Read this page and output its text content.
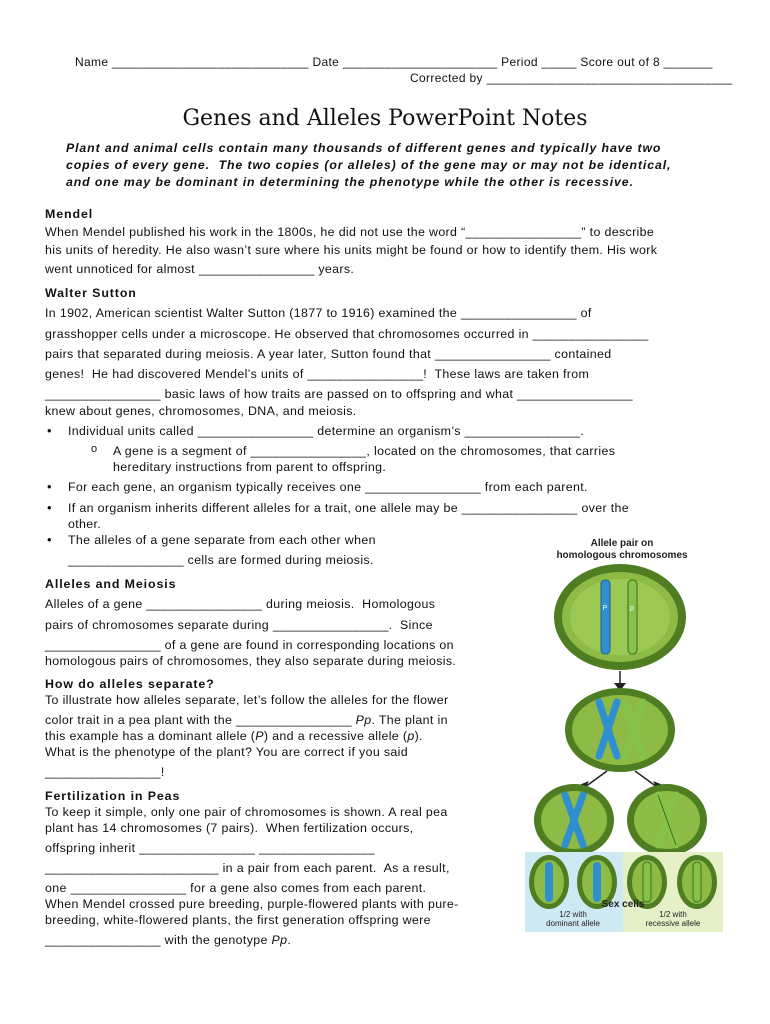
Name ____________________________ Date ______________________ Period _____ Score out of 8 _______
Corrected by ___________________________________
Genes and Alleles PowerPoint Notes
Plant and animal cells contain many thousands of different genes and typically have two
copies of every gene.  The two copies (or alleles) of the gene may or may not be identical,
and one may be dominant in determining the phenotype while the other is recessive.
Mendel
When Mendel published his work in the 1800s, he did not use the word “________________” to describe
his units of heredity. He also wasn’t sure where his units might be found or how to identify them. His work
went unnoticed for almost ________________ years.
Walter Sutton
In 1902, American scientist Walter Sutton (1877 to 1916) examined the ________________ of
grasshopper cells under a microscope. He observed that chromosomes occurred in ________________
pairs that separated during meiosis. A year later, Sutton found that ________________ contained
genes!  He had discovered Mendel’s units of ________________!  These laws are taken from
________________ basic laws of how traits are passed on to offspring and what ________________
knew about genes, chromosomes, DNA, and meiosis.
• Individual units called ________________ determine an organism’s ________________.
o A gene is a segment of ________________, located on the chromosomes, that carries
hereditary instructions from parent to offspring.
• For each gene, an organism typically receives one ________________ from each parent.
• If an organism inherits different alleles for a trait, one allele may be ________________ over the
other.
• The alleles of a gene separate from each other when
________________ cells are formed during meiosis.
Alleles and Meiosis
Alleles of a gene ________________ during meiosis.  Homologous
pairs of chromosomes separate during ________________.  Since
________________ of a gene are found in corresponding locations on
homologous pairs of chromosomes, they also separate during meiosis.
How do alleles separate?
To illustrate how alleles separate, let’s follow the alleles for the flower
color trait in a pea plant with the ________________ Pp. The plant in
this example has a dominant allele (P) and a recessive allele (p).
What is the phenotype of the plant? You are correct if you said
________________!
Fertilization in Peas
To keep it simple, only one pair of chromosomes is shown. A real pea
plant has 14 chromosomes (7 pairs).  When fertilization occurs,
offspring inherit ________________ ________________
________________________ in a pair from each parent.  As a result,
one ________________ for a gene also comes from each parent.
When Mendel crossed pure breeding, purple-flowered plants with pure-
breeding, white-flowered plants, the first generation offspring were
________________ with the genotype Pp.
Allele pair on
homologous chromosomes
P	p
Sex cells
1/2 with
dominant allele
1/2 with
recessive allele
